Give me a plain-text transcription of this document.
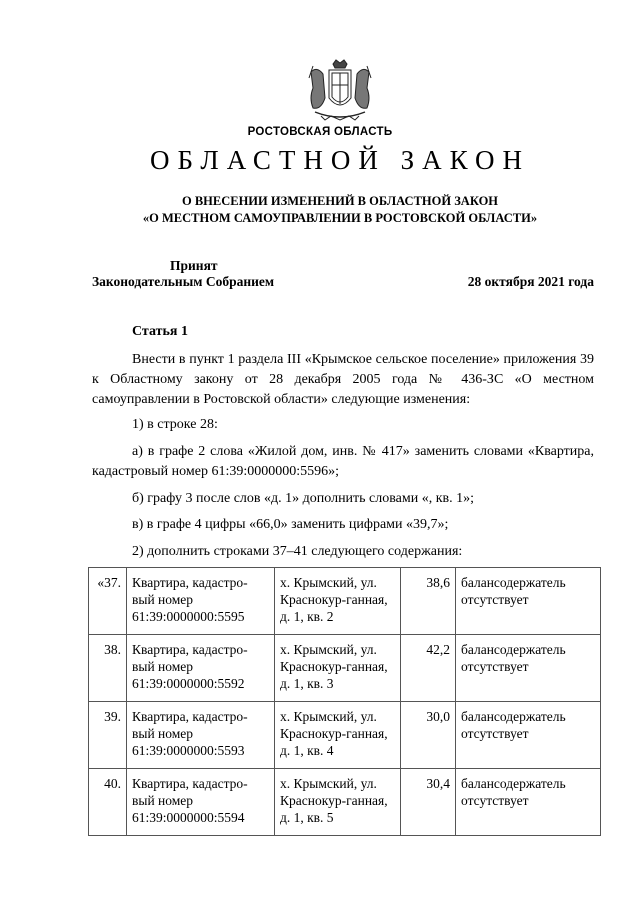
РОСТОВСКАЯ ОБЛАСТЬ
ОБЛАСТНОЙ ЗАКОН
О ВНЕСЕНИИ ИЗМЕНЕНИЙ В ОБЛАСТНОЙ ЗАКОН
«О МЕСТНОМ САМОУПРАВЛЕНИИ В РОСТОВСКОЙ ОБЛАСТИ»
Принят
Законодательным Собранием	28 октября 2021 года
Статья 1
Внести в пункт 1 раздела III «Крымское сельское поселение» приложения 39 к Областному закону от 28 декабря 2005 года № 436-ЗС «О местном самоуправлении в Ростовской области» следующие изменения:
1) в строке 28:
а) в графе 2 слова «Жилой дом, инв. № 417» заменить словами «Квартира, кадастровый номер 61:39:0000000:5596»;
б) графу 3 после слов «д. 1» дополнить словами «, кв. 1»;
в) в графе 4 цифры «66,0» заменить цифрами «39,7»;
2) дополнить строками 37–41 следующего содержания:
«37.	Квартира, кадастро-вый номер 61:39:0000000:5595	х. Крымский, ул. Краснокур-ганная, д. 1, кв. 2	38,6	балансодержатель отсутствует
38.	Квартира, кадастро-вый номер 61:39:0000000:5592	х. Крымский, ул. Краснокур-ганная, д. 1, кв. 3	42,2	балансодержатель отсутствует
39.	Квартира, кадастро-вый номер 61:39:0000000:5593	х. Крымский, ул. Краснокур-ганная, д. 1, кв. 4	30,0	балансодержатель отсутствует
40.	Квартира, кадастро-вый номер 61:39:0000000:5594	х. Крымский, ул. Краснокур-ганная, д. 1, кв. 5	30,4	балансодержатель отсутствует
